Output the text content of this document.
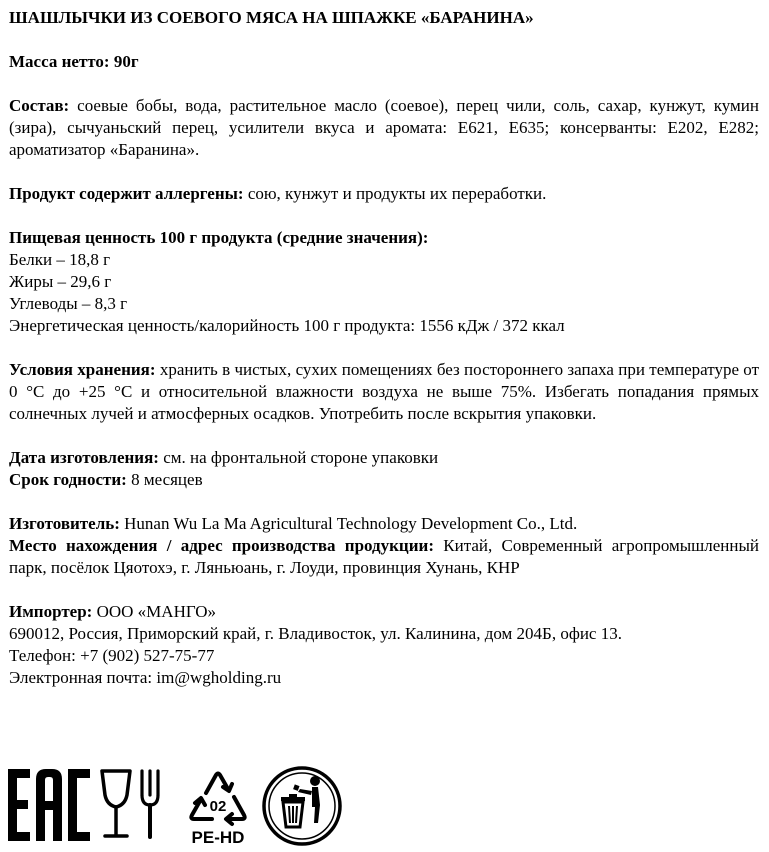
ШАШЛЫЧКИ ИЗ СОЕВОГО МЯСА НА ШПАЖКЕ «БАРАНИНА»

Масса нетто: 90г

Состав: соевые бобы, вода, растительное масло (соевое), перец чили, соль, сахар, кунжут, кумин (зира), сычуаньский перец, усилители вкуса и аромата: Е621, Е635; консерванты: Е202, Е282; ароматизатор «Баранина».

Продукт содержит аллергены: сою, кунжут и продукты их переработки.

Пищевая ценность 100 г продукта (средние значения):

Белки – 18,8 г

Жиры – 29,6 г

Углеводы – 8,3 г

Энергетическая ценность/калорийность 100 г продукта: 1556 кДж / 372 ккал

Условия хранения: хранить в чистых, сухих помещениях без постороннего запаха при температуре от 0 °С до +25 °С и относительной влажности воздуха не выше 75%. Избегать попадания прямых солнечных лучей и атмосферных осадков. Употребить после вскрытия упаковки.

Дата изготовления: см. на фронтальной стороне упаковки

Срок годности: 8 месяцев

Изготовитель: Hunan Wu La Ma Agricultural Technology Development Co., Ltd.

Место нахождения / адрес производства продукции: Китай, Современный агропромышленный парк, посёлок Цяотохэ, г. Ляньюань, г. Лоуди, провинция Хунань, КНР

Импортер: ООО «МАНГО»

690012, Россия, Приморский край, г. Владивосток, ул. Калинина, дом 204Б, офис 13.

Телефон: +7 (902) 527-75-77

Электронная почта: im@wgholding.ru

02
PE-HD
